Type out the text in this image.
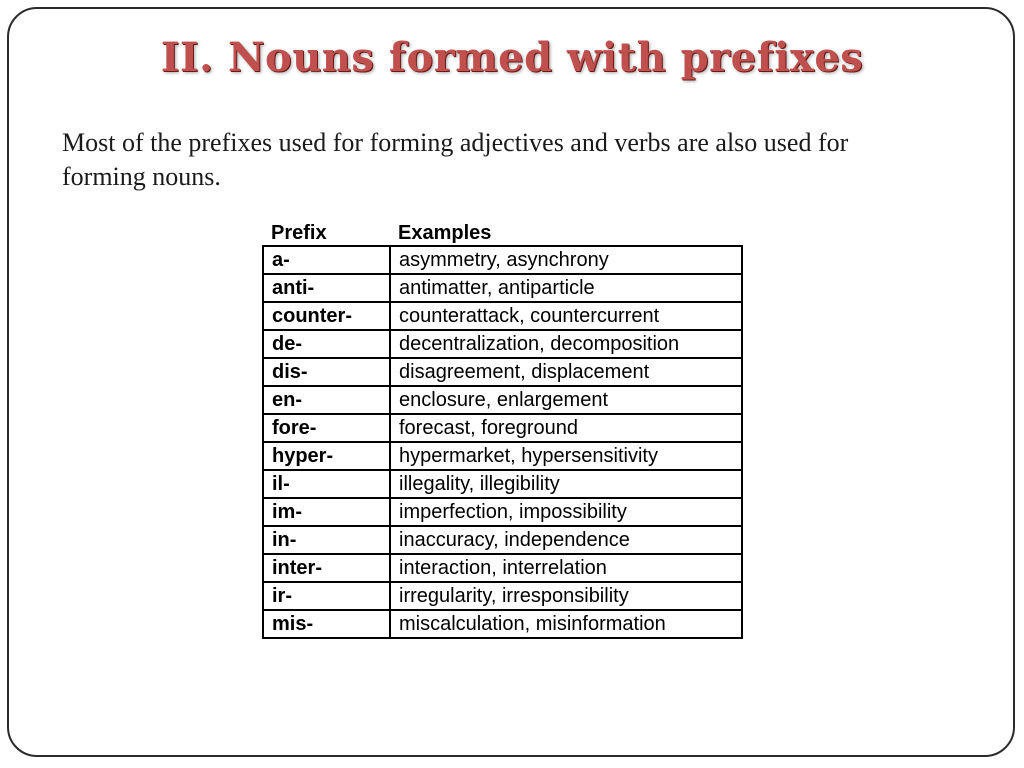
II. Nouns formed with prefixes

Most of the prefixes used for forming adjectives and verbs are also used for forming nouns.

Prefix	Examples
a-	asymmetry, asynchrony
anti-	antimatter, antiparticle
counter-	counterattack, countercurrent
de-	decentralization, decomposition
dis-	disagreement, displacement
en-	enclosure, enlargement
fore-	forecast, foreground
hyper-	hypermarket, hypersensitivity
il-	illegality, illegibility
im-	imperfection, impossibility
in-	inaccuracy, independence
inter-	interaction, interrelation
ir-	irregularity, irresponsibility
mis-	miscalculation, misinformation
